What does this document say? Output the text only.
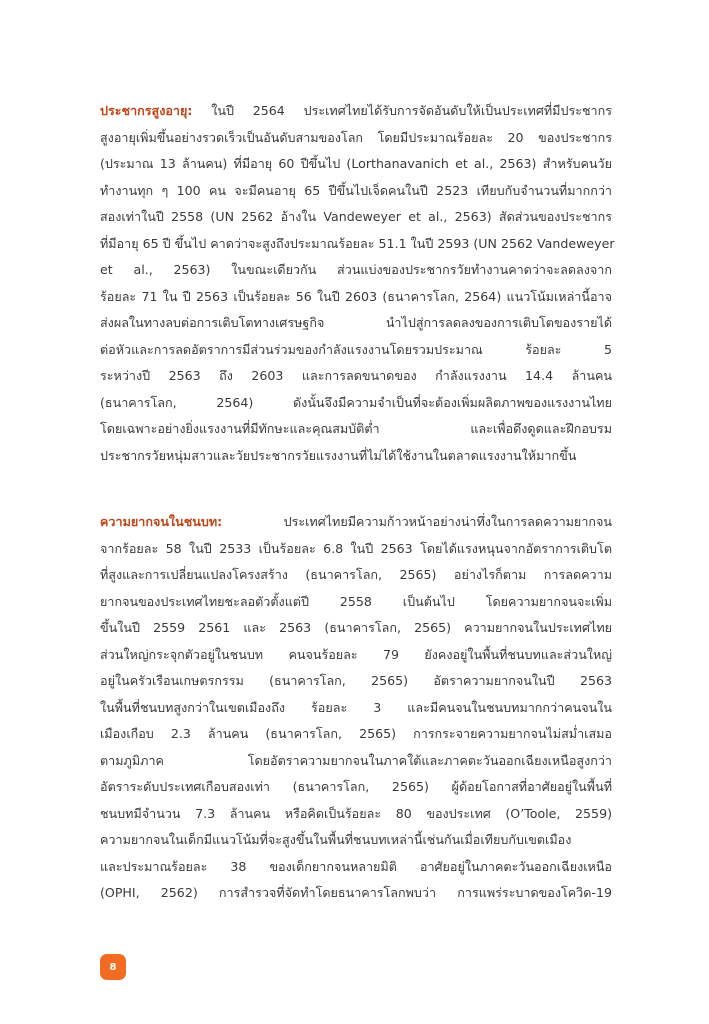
ประชากรสูงอายุ: ในปี 2564 ประเทศไทยได้รับการจัดอันดับให้เป็นประเทศที่มีประชากร
สูงอายุเพิ่มขึ้นอย่างรวดเร็วเป็นอันดับสามของโลก โดยมีประมาณร้อยละ 20 ของประชากร
(ประมาณ 13 ล้านคน) ที่มีอายุ 60 ปีขึ้นไป (Lorthanavanich et al., 2563) สำหรับคนวัย
ทำงานทุก ๆ 100 คน จะมีคนอายุ 65 ปีขึ้นไปเจ็ดคนในปี 2523 เทียบกับจำนวนที่มากกว่า
สองเท่าในปี 2558 (UN 2562 อ้างใน Vandeweyer et al., 2563) สัดส่วนของประชากร
ที่มีอายุ 65 ปี ขึ้นไป คาดว่าจะสูงถึงประมาณร้อยละ 51.1 ในปี 2593 (UN 2562 Vandeweyer
et al., 2563) ในขณะเดียวกัน ส่วนแบ่งของประชากรวัยทำงานคาดว่าจะลดลงจาก
ร้อยละ 71 ใน ปี 2563 เป็นร้อยละ 56 ในปี 2603 (ธนาคารโลก, 2564) แนวโน้มเหล่านี้อาจ
ส่งผลในทางลบต่อการเติบโตทางเศรษฐกิจ นำไปสู่การลดลงของการเติบโตของรายได้
ต่อหัวและการลดอัตราการมีส่วนร่วมของกำลังแรงงานโดยรวมประมาณ ร้อยละ 5
ระหว่างปี 2563 ถึง 2603 และการลดขนาดของ กำลังแรงงาน 14.4 ล้านคน
(ธนาคารโลก, 2564) ดังนั้นจึงมีความจำเป็นที่จะต้องเพิ่มผลิตภาพของแรงงานไทย
โดยเฉพาะอย่างยิ่งแรงงานที่มีทักษะและคุณสมบัติต่ำ และเพื่อดึงดูดและฝึกอบรม
ประชากรวัยหนุ่มสาวและวัยประชากรวัยแรงงานที่ไม่ได้ใช้งานในตลาดแรงงานให้มากขึ้น
ความยากจนในชนบท: ประเทศไทยมีความก้าวหน้าอย่างน่าทึ่งในการลดความยากจน
จากร้อยละ 58 ในปี 2533 เป็นร้อยละ 6.8 ในปี 2563 โดยได้แรงหนุนจากอัตราการเติบโต
ที่สูงและการเปลี่ยนแปลงโครงสร้าง (ธนาคารโลก, 2565) อย่างไรก็ตาม การลดความ
ยากจนของประเทศไทยชะลอตัวตั้งแต่ปี 2558 เป็นต้นไป โดยความยากจนจะเพิ่ม
ขึ้นในปี 2559 2561 และ 2563 (ธนาคารโลก, 2565) ความยากจนในประเทศไทย
ส่วนใหญ่กระจุกตัวอยู่ในชนบท คนจนร้อยละ 79 ยังคงอยู่ในพื้นที่ชนบทและส่วนใหญ่
อยู่ในครัวเรือนเกษตรกรรม (ธนาคารโลก, 2565) อัตราความยากจนในปี 2563
ในพื้นที่ชนบทสูงกว่าในเขตเมืองถึง ร้อยละ 3 และมีคนจนในชนบทมากกว่าคนจนใน
เมืองเกือบ 2.3 ล้านคน (ธนาคารโลก, 2565) การกระจายความยากจนไม่สม่ำเสมอ
ตามภูมิภาค โดยอัตราความยากจนในภาคใต้และภาคตะวันออกเฉียงเหนือสูงกว่า
อัตราระดับประเทศเกือบสองเท่า (ธนาคารโลก, 2565) ผู้ด้อยโอกาสที่อาศัยอยู่ในพื้นที่
ชนบทมีจำนวน 7.3 ล้านคน หรือคิดเป็นร้อยละ 80 ของประเทศ (O’Toole, 2559)
ความยากจนในเด็กมีแนวโน้มที่จะสูงขึ้นในพื้นที่ชนบทเหล่านี้เช่นกันเมื่อเทียบกับเขตเมือง
และประมาณร้อยละ 38 ของเด็กยากจนหลายมิติ อาศัยอยู่ในภาคตะวันออกเฉียงเหนือ
(OPHI, 2562) การสำรวจที่จัดทำโดยธนาคารโลกพบว่า การแพร่ระบาดของโควิด-19
8
